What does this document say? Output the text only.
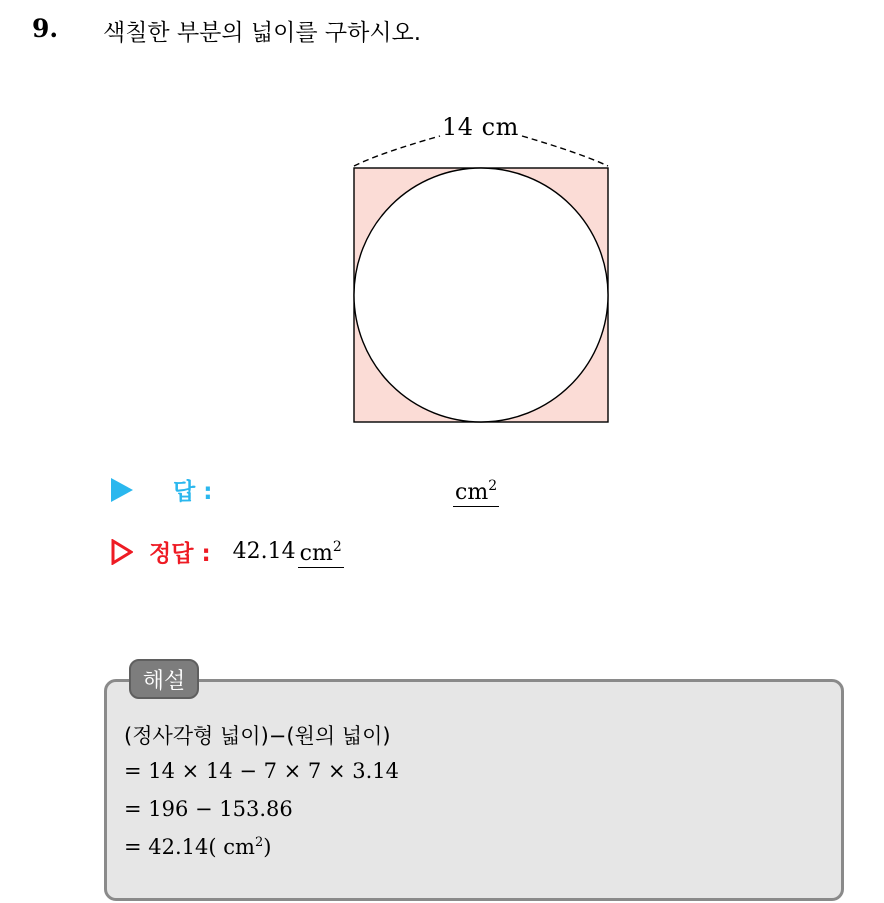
9. 색칠한 부분의 넓이를 구하시오.
14 cm
답 :	$cm^2$
정답 : 42.14 $cm^2$
해설
(정사각형 넓이)−(원의 넓이)
= 14 × 14 − 7 × 7 × 3.14
= 196 − 153.86
= 42.14( $cm^2$)
